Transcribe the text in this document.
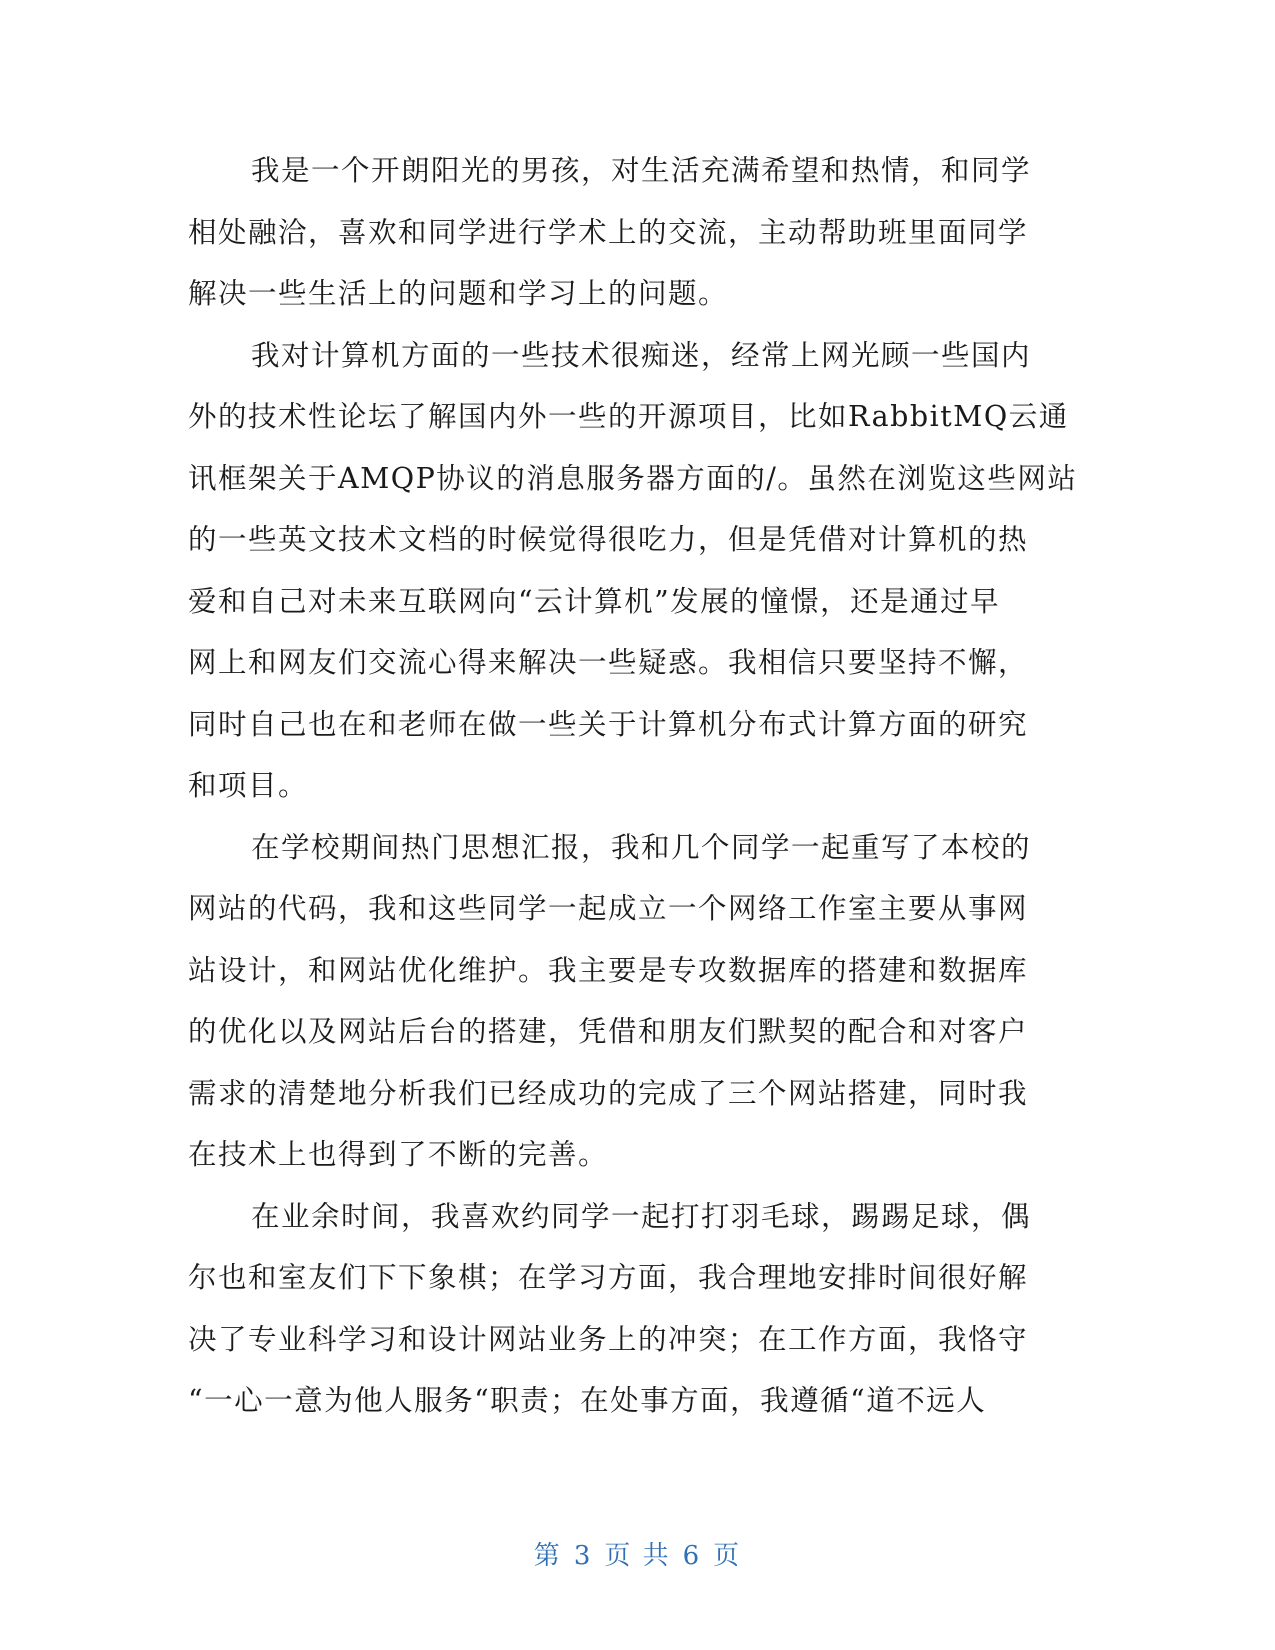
我是一个开朗阳光的男孩，对生活充满希望和热情，和同学
相处融洽，喜欢和同学进行学术上的交流，主动帮助班里面同学
解决一些生活上的问题和学习上的问题。

我对计算机方面的一些技术很痴迷，经常上网光顾一些国内
外的技术性论坛了解国内外一些的开源项目，比如RabbitMQ云通
讯框架关于AMQP协议的消息服务器方面的/。虽然在浏览这些网站
的一些英文技术文档的时候觉得很吃力，但是凭借对计算机的热
爱和自己对未来互联网向“云计算机”发展的憧憬，还是通过早
网上和网友们交流心得来解决一些疑惑。我相信只要坚持不懈，
同时自己也在和老师在做一些关于计算机分布式计算方面的研究
和项目。

在学校期间热门思想汇报，我和几个同学一起重写了本校的
网站的代码，我和这些同学一起成立一个网络工作室主要从事网
站设计，和网站优化维护。我主要是专攻数据库的搭建和数据库
的优化以及网站后台的搭建，凭借和朋友们默契的配合和对客户
需求的清楚地分析我们已经成功的完成了三个网站搭建，同时我
在技术上也得到了不断的完善。

在业余时间，我喜欢约同学一起打打羽毛球，踢踢足球，偶
尔也和室友们下下象棋；在学习方面，我合理地安排时间很好解
决了专业科学习和设计网站业务上的冲突；在工作方面，我恪守
“一心一意为他人服务“职责；在处事方面，我遵循“道不远人

第 3 页 共 6 页
